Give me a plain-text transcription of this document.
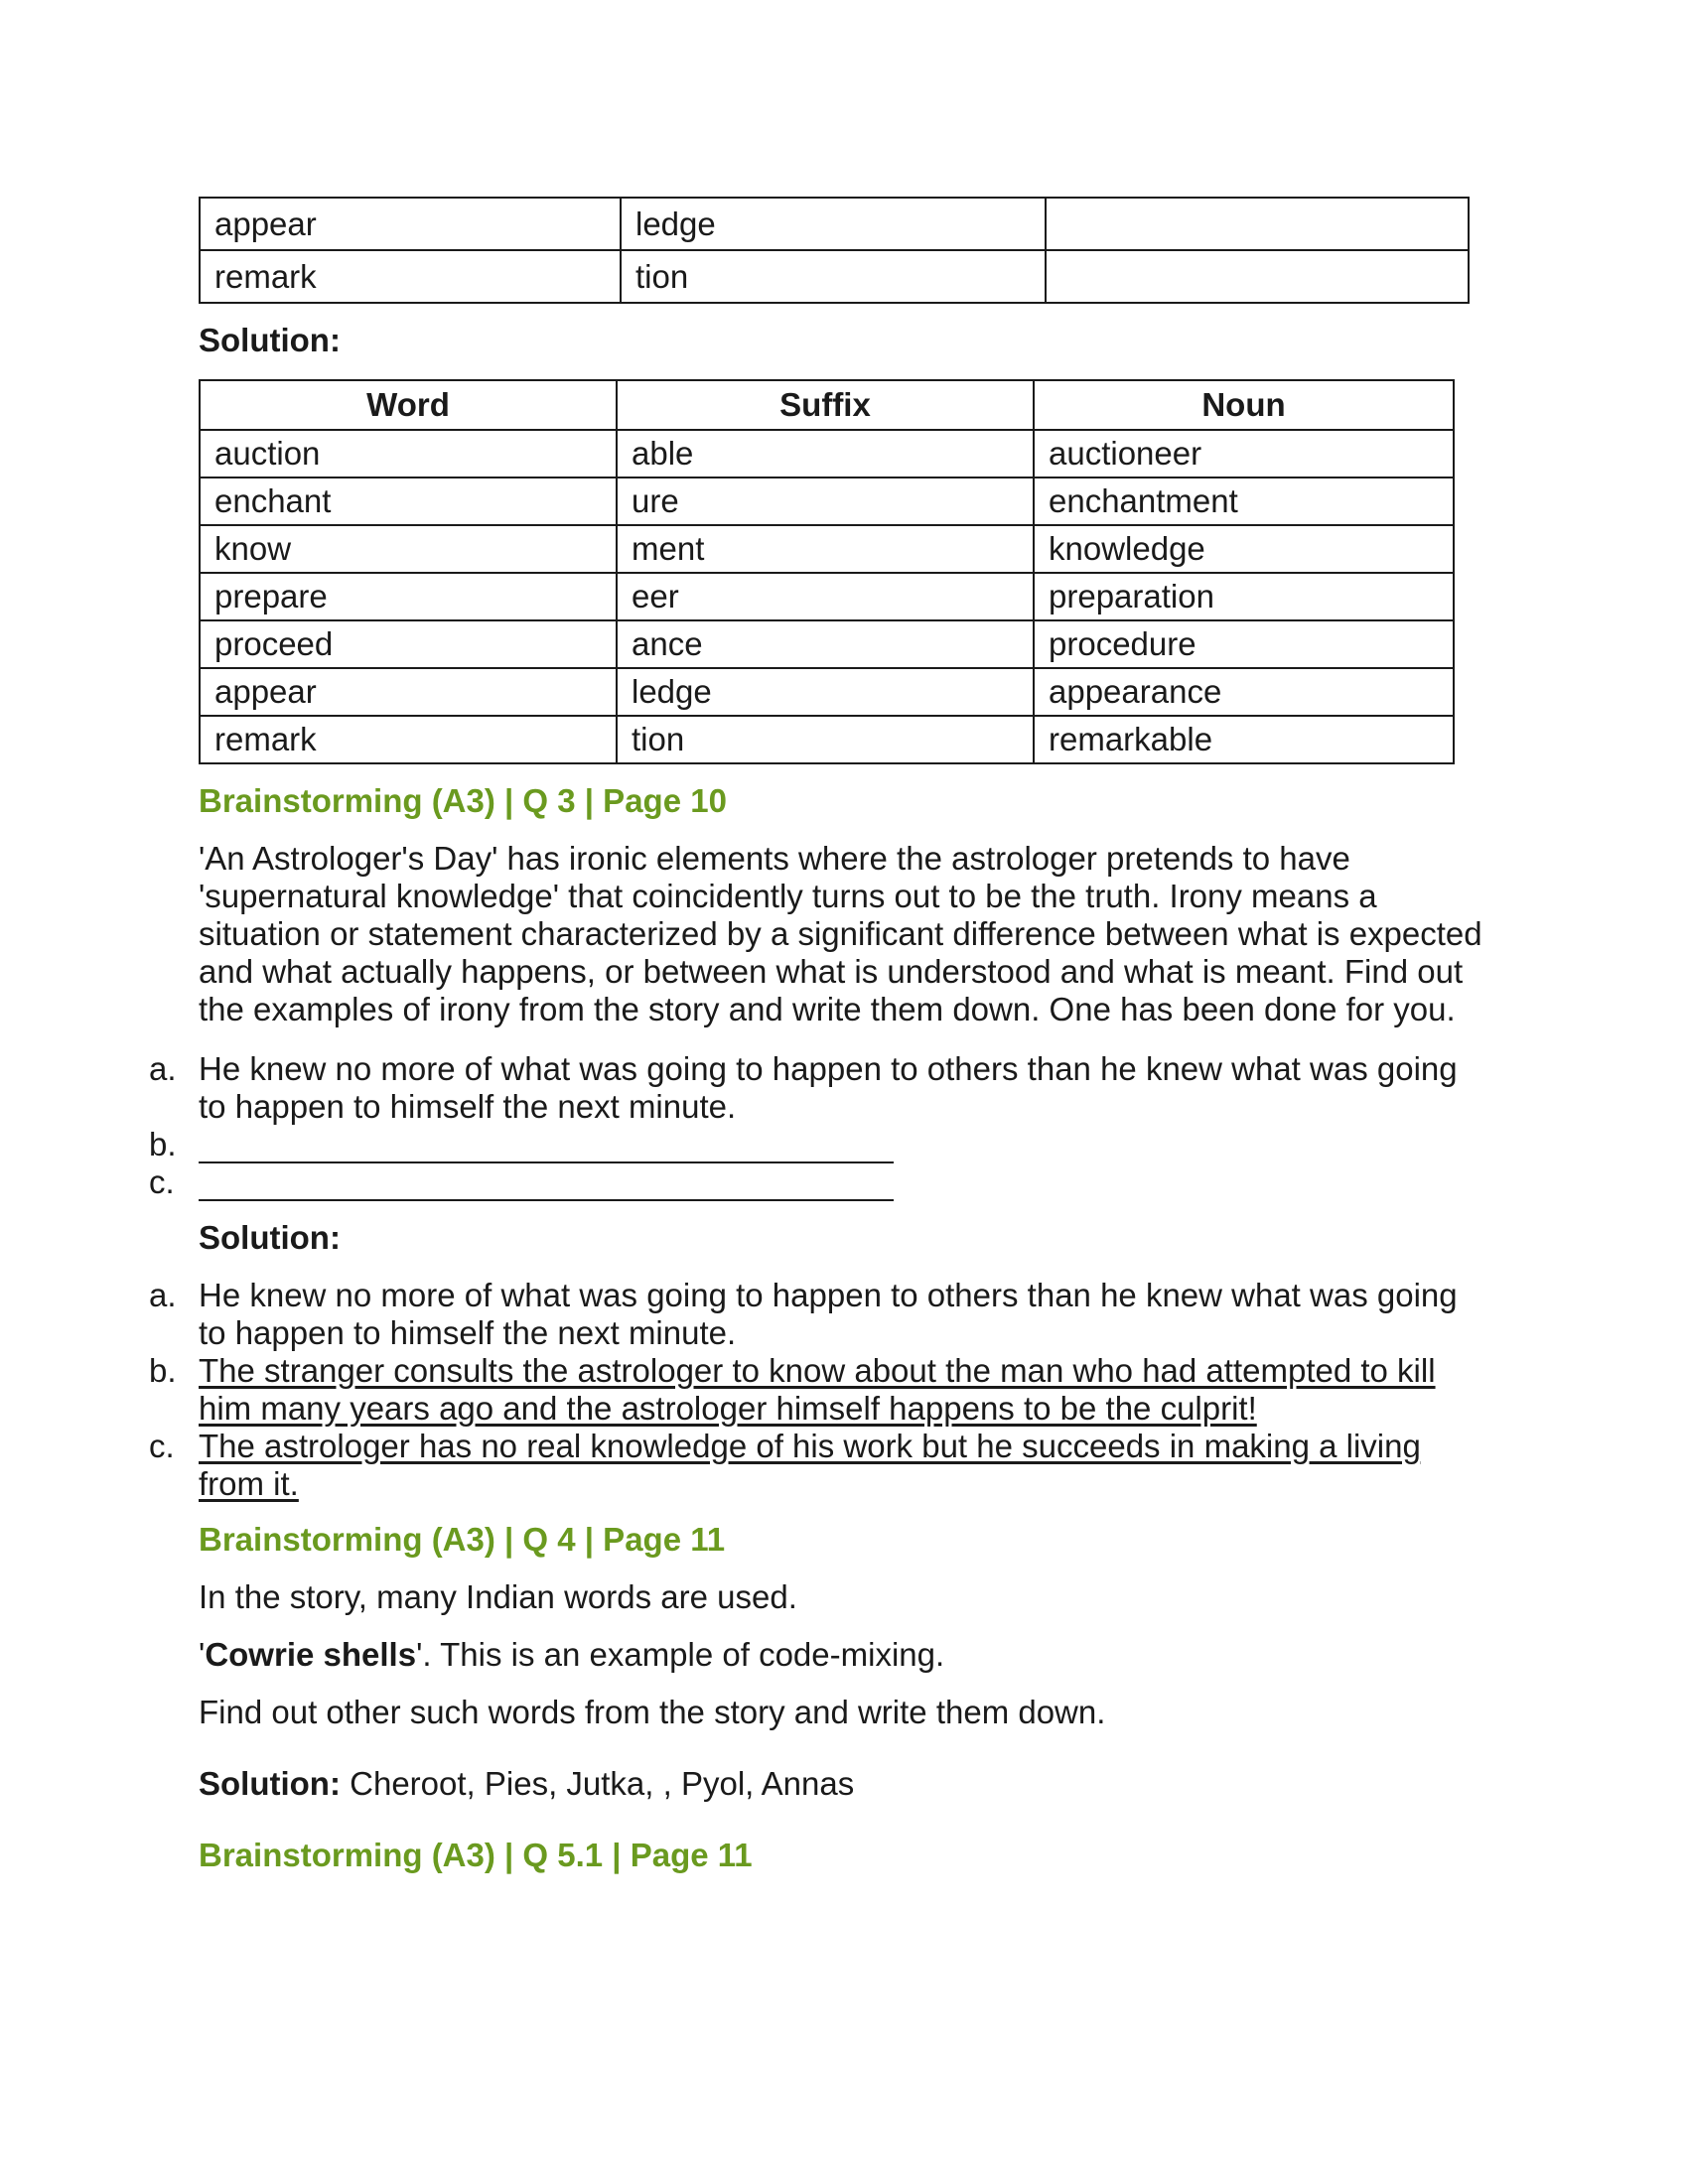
appear	ledge	
remark	tion	
Solution:
Word	Suffix	Noun
auction	able	auctioneer
enchant	ure	enchantment
know	ment	knowledge
prepare	eer	preparation
proceed	ance	procedure
appear	ledge	appearance
remark	tion	remarkable
Brainstorming (A3) | Q 3 | Page 10

'An Astrologer's Day' has ironic elements where the astrologer pretends to have 'supernatural knowledge' that coincidently turns out to be the truth. Irony means a situation or statement characterized by a significant difference between what is expected and what actually happens, or between what is understood and what is meant. Find out the examples of irony from the story and write them down. One has been done for you.

a. He knew no more of what was going to happen to others than he knew what was going to happen to himself the next minute.
b.
c.
Solution:
a. He knew no more of what was going to happen to others than he knew what was going to happen to himself the next minute.
b. The stranger consults the astrologer to know about the man who had attempted to kill him many years ago and the astrologer himself happens to be the culprit!
c. The astrologer has no real knowledge of his work but he succeeds in making a living from it.
Brainstorming (A3) | Q 4 | Page 11

In the story, many Indian words are used.

'Cowrie shells'. This is an example of code-mixing.

Find out other such words from the story and write them down.

Solution: Cheroot, Pies, Jutka, , Pyol, Annas

Brainstorming (A3) | Q 5.1 | Page 11
